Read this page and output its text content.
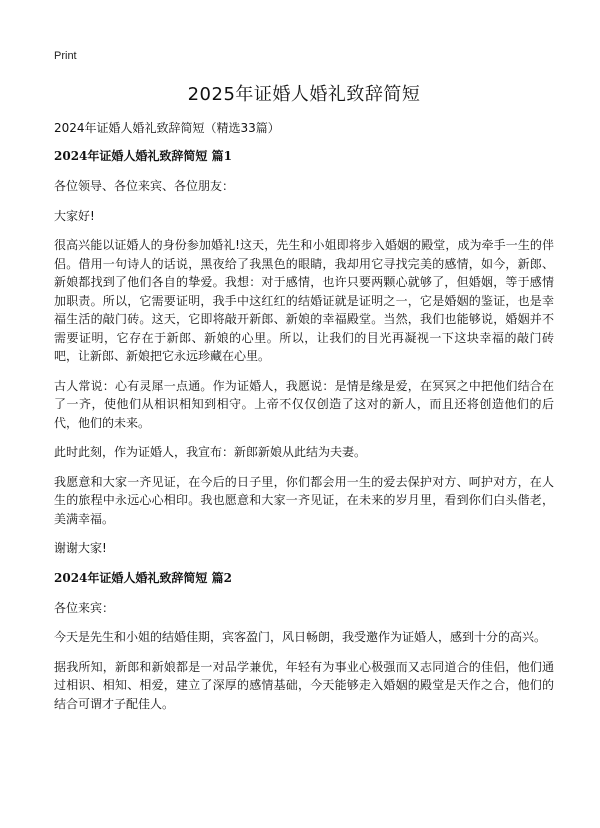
Print
2025年证婚人婚礼致辞简短

2024年证婚人婚礼致辞简短（精选33篇）

2024年证婚人婚礼致辞简短 篇1

各位领导、各位来宾、各位朋友：

大家好!

很高兴能以证婚人的身份参加婚礼!这天，先生和小姐即将步入婚姻的殿堂，成为牵手一生的伴侣。借用一句诗人的话说，黑夜给了我黑色的眼睛，我却用它寻找完美的感情，如今，新郎、新娘都找到了他们各自的挚爱。我想：对于感情，也许只要两颗心就够了，但婚姻，等于感情加职责。所以，它需要证明，我手中这红红的结婚证就是证明之一，它是婚姻的鉴证，也是幸福生活的敲门砖。这天，它即将敲开新郎、新娘的幸福殿堂。当然，我们也能够说，婚姻并不需要证明，它存在于新郎、新娘的心里。所以，让我们的目光再凝视一下这块幸福的敲门砖吧，让新郎、新娘把它永远珍藏在心里。

古人常说：心有灵犀一点通。作为证婚人，我愿说：是情是缘是爱，在冥冥之中把他们结合在了一齐，使他们从相识相知到相守。上帝不仅仅创造了这对的新人，而且还将创造他们的后代，他们的未来。

此时此刻，作为证婚人，我宣布：新郎新娘从此结为夫妻。

我愿意和大家一齐见证，在今后的日子里，你们都会用一生的爱去保护对方、呵护对方，在人生的旅程中永远心心相印。我也愿意和大家一齐见证，在未来的岁月里，看到你们白头偕老，美满幸福。

谢谢大家!

2024年证婚人婚礼致辞简短 篇2

各位来宾：

今天是先生和小姐的结婚佳期，宾客盈门，风日畅朗，我受邀作为证婚人，感到十分的高兴。

据我所知，新郎和新娘都是一对品学兼优，年轻有为事业心极强而又志同道合的佳侣，他们通过相识、相知、相爱，建立了深厚的感情基础，今天能够走入婚姻的殿堂是天作之合，他们的结合可谓才子配佳人。
